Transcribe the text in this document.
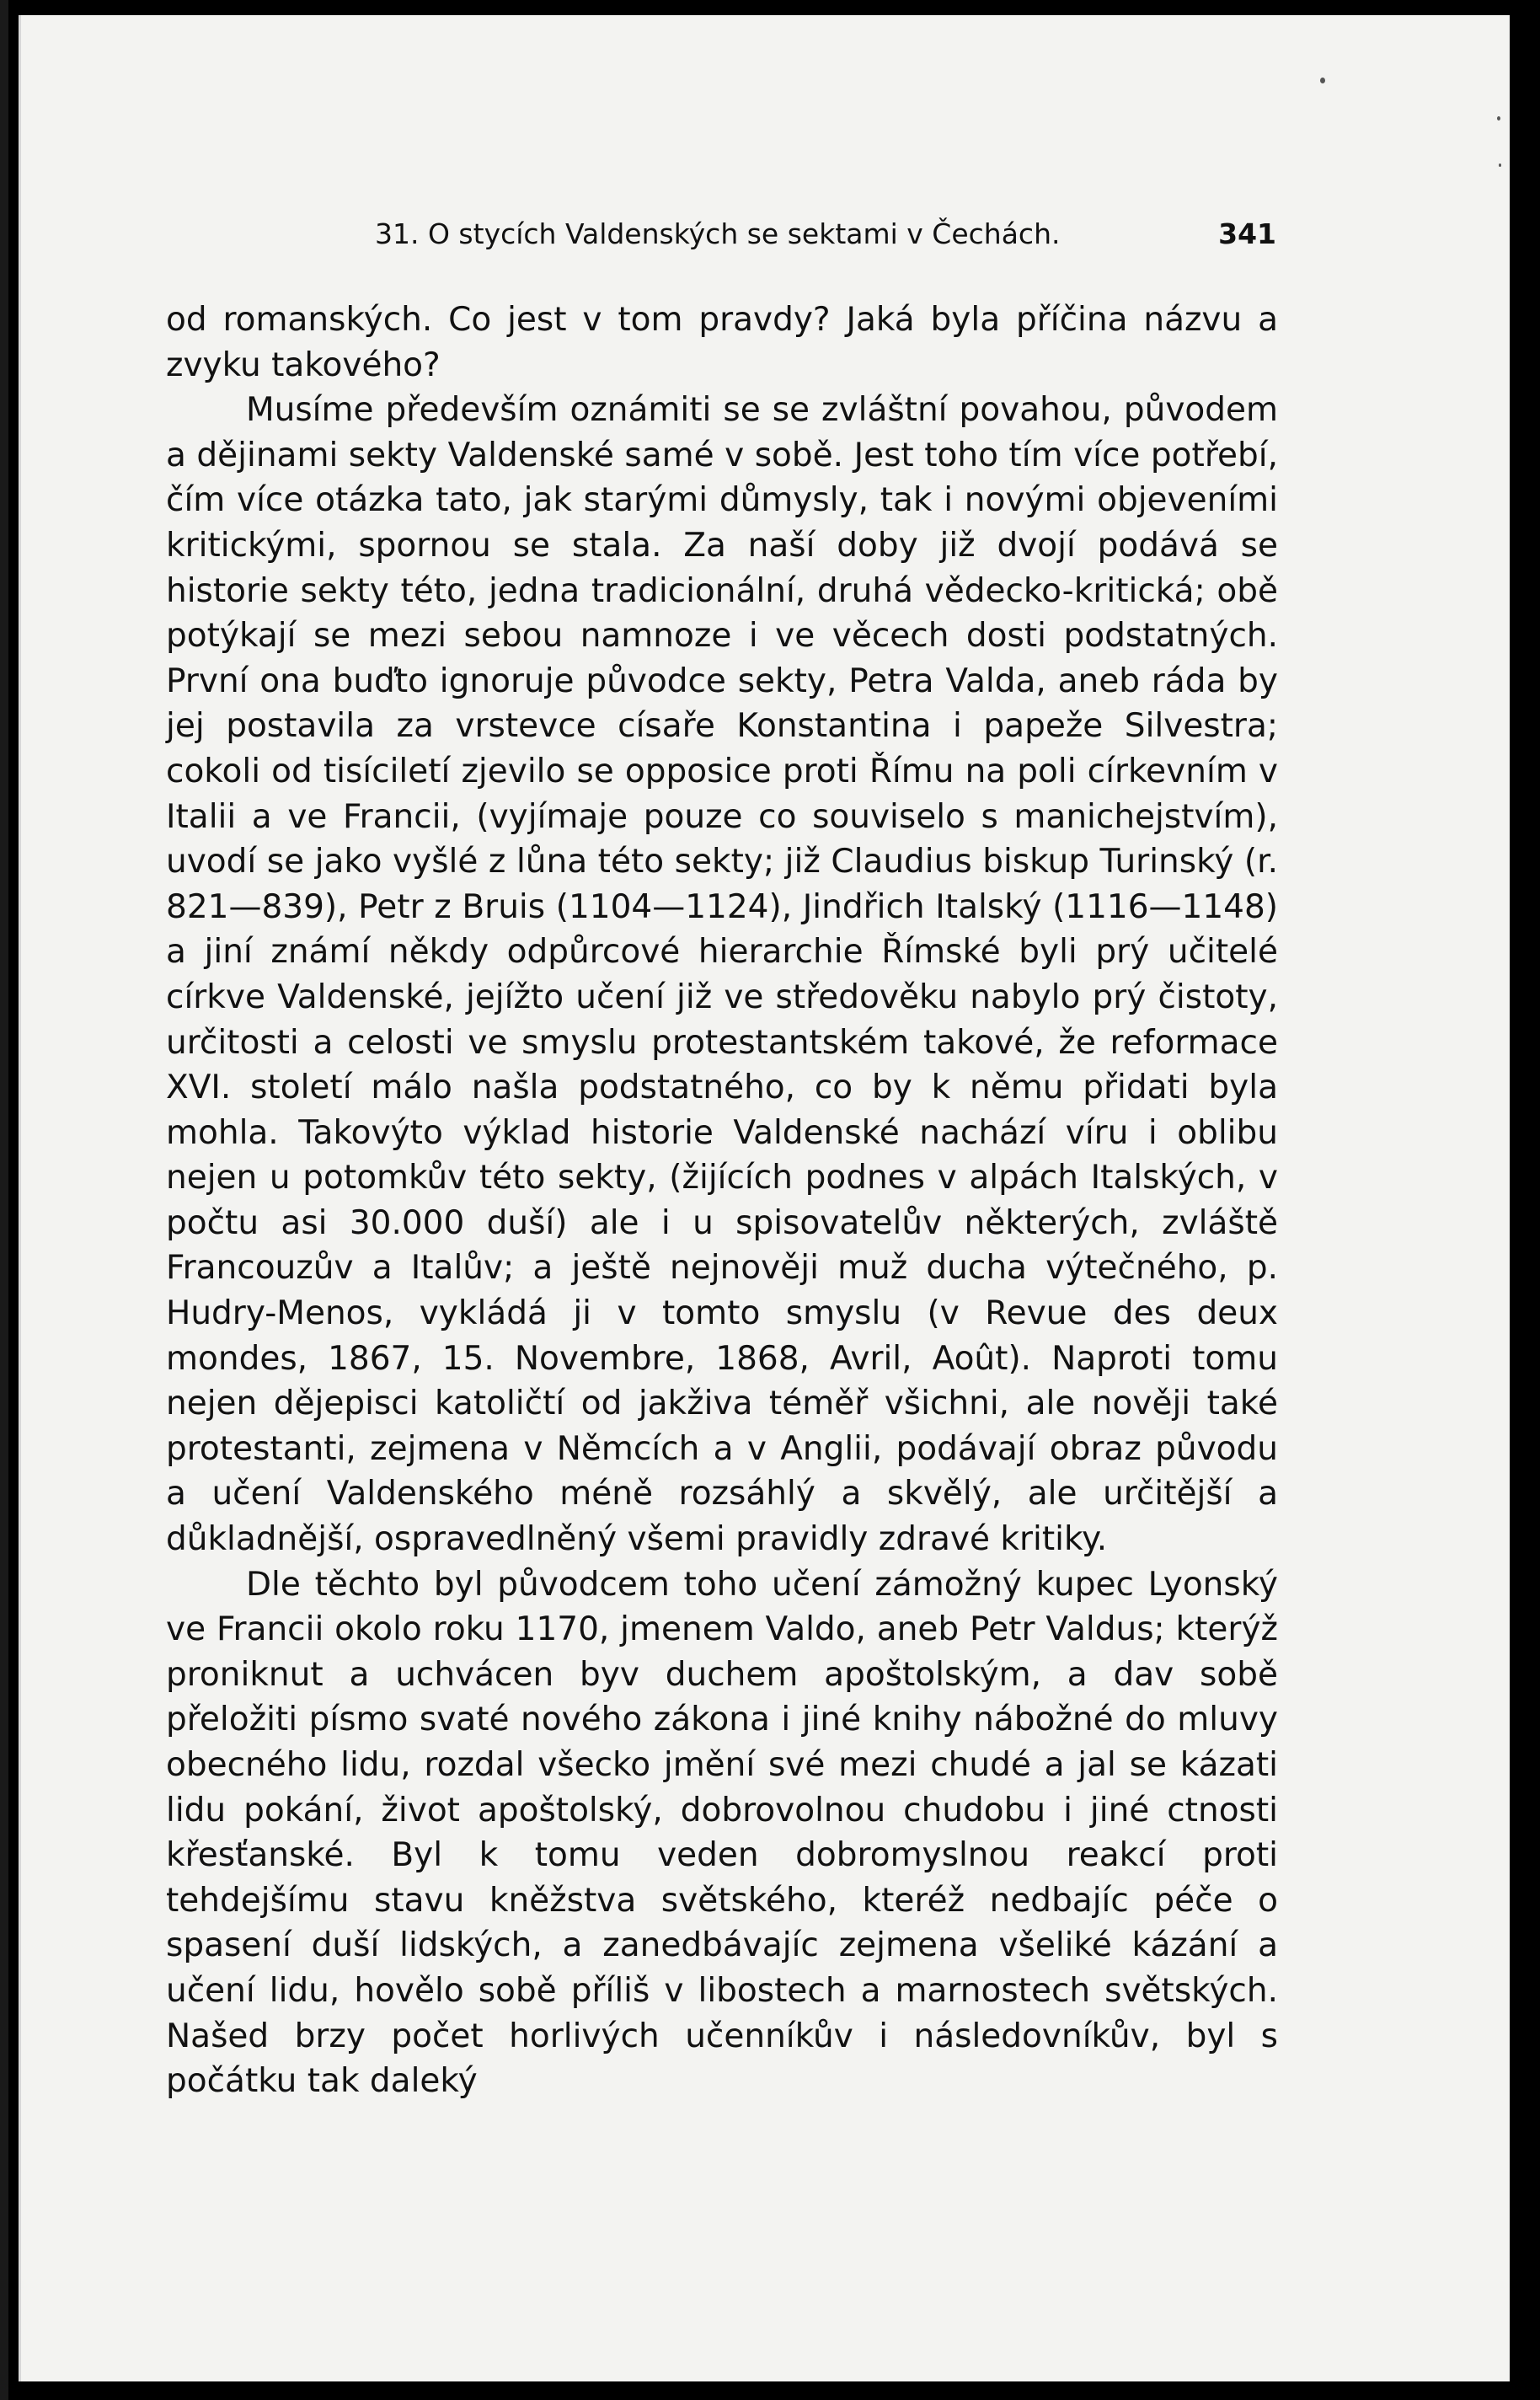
31. O stycích Valdenských se sektami v Čechách.	341

od romanských. Co jest v tom pravdy? Jaká byla příčina názvu a zvyku takového?

Musíme především oznámiti se se zvláštní povahou, původem a dějinami sekty Valdenské samé v sobě. Jest toho tím více potřebí, čím více otázka tato, jak starými důmysly, tak i novými objeveními kritickými, spornou se stala. Za naší doby již dvojí podává se historie sekty této, jedna tradicionální, druhá vědecko-kritická; obě potýkají se mezi sebou namnoze i ve věcech dosti podstatných. První ona buďto ignoruje původce sekty, Petra Valda, aneb ráda by jej postavila za vrstevce císaře Konstantina i papeže Silvestra; cokoli od tisíciletí zjevilo se opposice proti Římu na poli církevním v Italii a ve Francii, (vyjímaje pouze co souviselo s manichejstvím), uvodí se jako vyšlé z lůna této sekty; již Claudius biskup Turinský (r. 821—839), Petr z Bruis (1104—1124), Jindřich Italský (1116—1148) a jiní známí někdy odpůrcové hierarchie Římské byli prý učitelé církve Valdenské, jejížto učení již ve středověku nabylo prý čistoty, určitosti a celosti ve smyslu protestantském takové, že reformace XVI. století málo našla podstatného, co by k němu přidati byla mohla. Takovýto výklad historie Valdenské nachází víru i oblibu nejen u potomkův této sekty, (žijících podnes v alpách Italských, v počtu asi 30.000 duší) ale i u spisovatelův některých, zvláště Francouzův a Italův; a ještě nejnověji muž ducha výtečného, p. Hudry-Menos, vykládá ji v tomto smyslu (v Revue des deux mondes, 1867, 15. Novembre, 1868, Avril, Août). Naproti tomu nejen dějepisci katoličtí od jakživa téměř všichni, ale nověji také protestanti, zejmena v Němcích a v Anglii, podávají obraz původu a učení Valdenského méně rozsáhlý a skvělý, ale určitější a důkladnější, ospravedlněný všemi pravidly zdravé kritiky.

Dle těchto byl původcem toho učení zámožný kupec Lyonský ve Francii okolo roku 1170, jmenem Valdo, aneb Petr Valdus; kterýž proniknut a uchvácen byv duchem apoštolským, a dav sobě přeložiti písmo svaté nového zákona i jiné knihy nábožné do mluvy obecného lidu, rozdal všecko jmění své mezi chudé a jal se kázati lidu pokání, život apoštolský, dobrovolnou chudobu i jiné ctnosti křesťanské. Byl k tomu veden dobromyslnou reakcí proti tehdejšímu stavu kněžstva světského, kteréž nedbajíc péče o spasení duší lidských, a zanedbávajíc zejmena všeliké kázání a učení lidu, hovělo sobě příliš v libostech a marnostech světských. Našed brzy počet horlivých učenníkův i následovníkův, byl s počátku tak daleký
